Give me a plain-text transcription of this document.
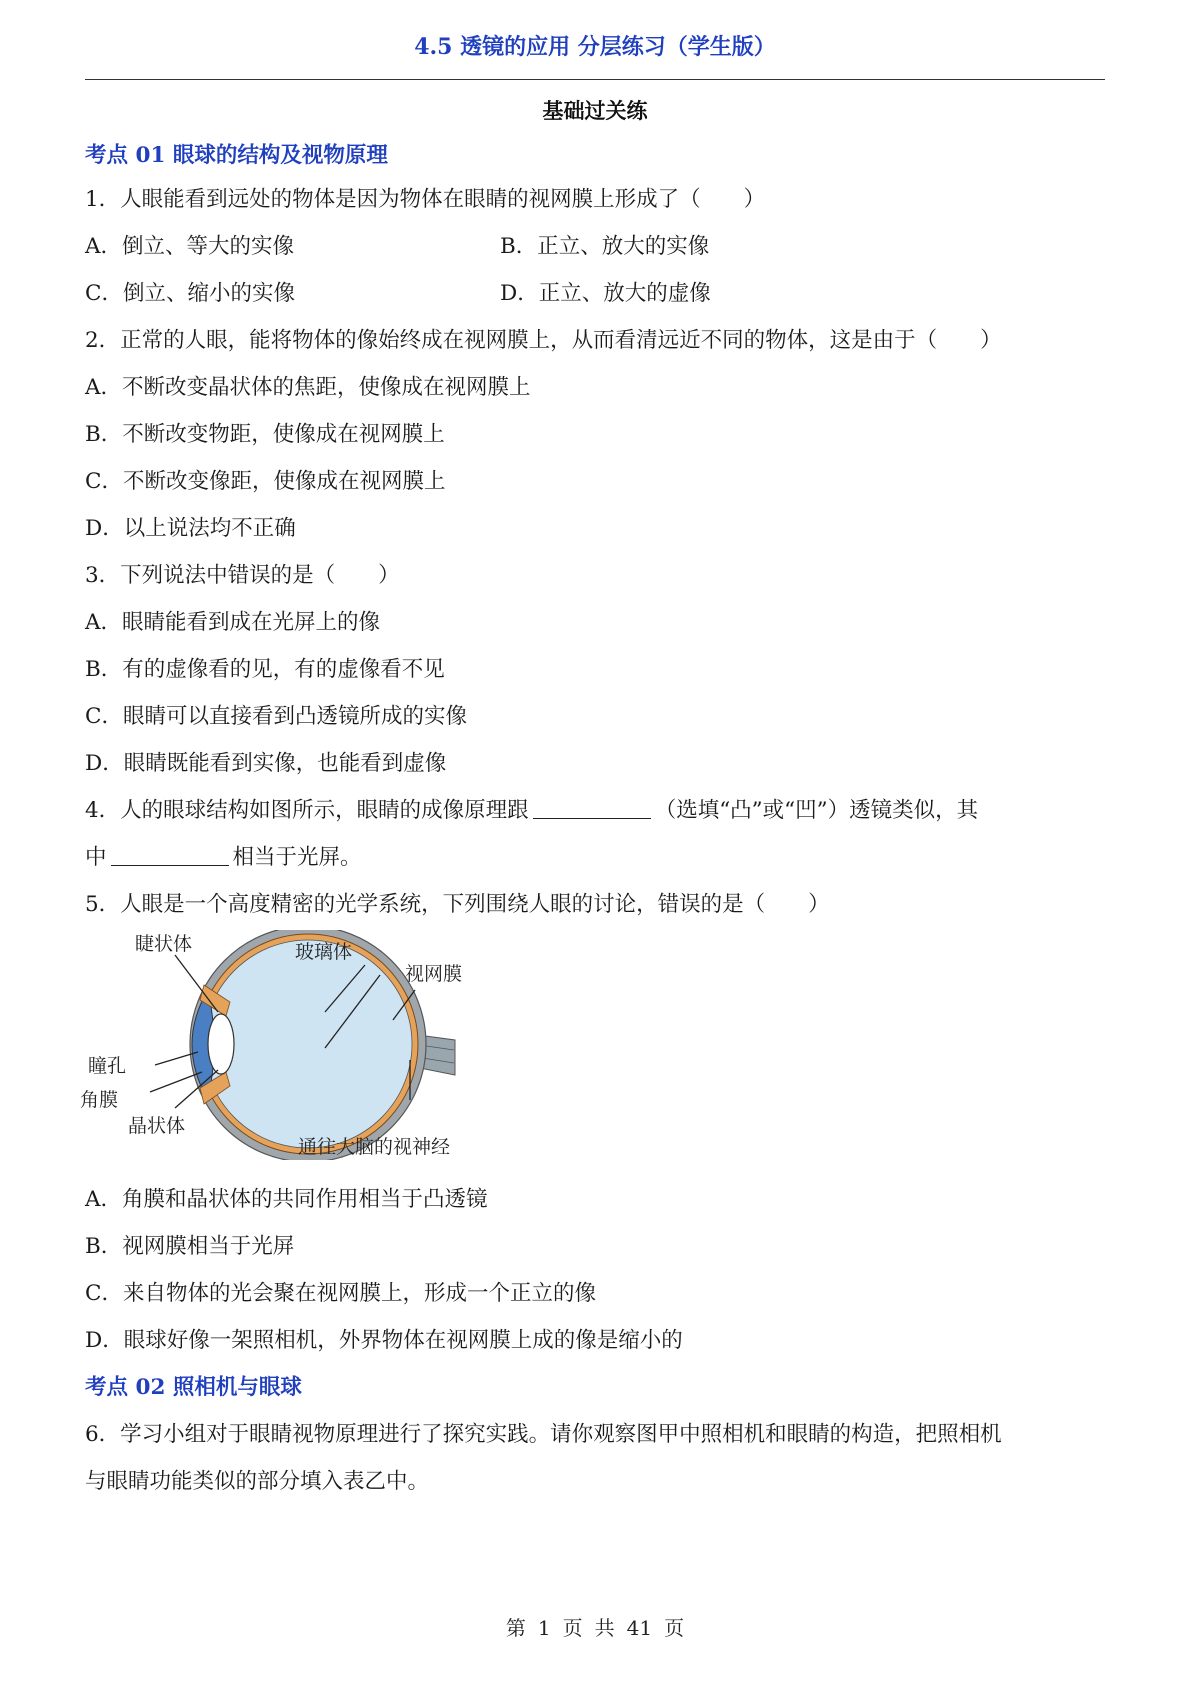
4.5 透镜的应用 分层练习（学生版）
基础过关练
考点 01 眼球的结构及视物原理
1．人眼能看到远处的物体是因为物体在眼睛的视网膜上形成了（　　）
A．倒立、等大的实像	B．正立、放大的实像
C．倒立、缩小的实像	D．正立、放大的虚像
2．正常的人眼，能将物体的像始终成在视网膜上，从而看清远近不同的物体，这是由于（　　）
A．不断改变晶状体的焦距，使像成在视网膜上
B．不断改变物距，使像成在视网膜上
C．不断改变像距，使像成在视网膜上
D．以上说法均不正确
3．下列说法中错误的是（　　）
A．眼睛能看到成在光屏上的像
B．有的虚像看的见，有的虚像看不见
C．眼睛可以直接看到凸透镜所成的实像
D．眼睛既能看到实像，也能看到虚像
4．人的眼球结构如图所示，眼睛的成像原理跟	（选填“凸”或“凹”）透镜类似，其
中	相当于光屏。
5．人眼是一个高度精密的光学系统，下列围绕人眼的讨论，错误的是（　　）
睫状体	玻璃体
视网膜
瞳孔
角膜
晶状体
通往大脑的视神经
A．角膜和晶状体的共同作用相当于凸透镜
B．视网膜相当于光屏
C．来自物体的光会聚在视网膜上，形成一个正立的像
D．眼球好像一架照相机，外界物体在视网膜上成的像是缩小的
考点 02 照相机与眼球
6．学习小组对于眼睛视物原理进行了探究实践。请你观察图甲中照相机和眼睛的构造，把照相机
与眼睛功能类似的部分填入表乙中。
第 1 页 共 41 页
